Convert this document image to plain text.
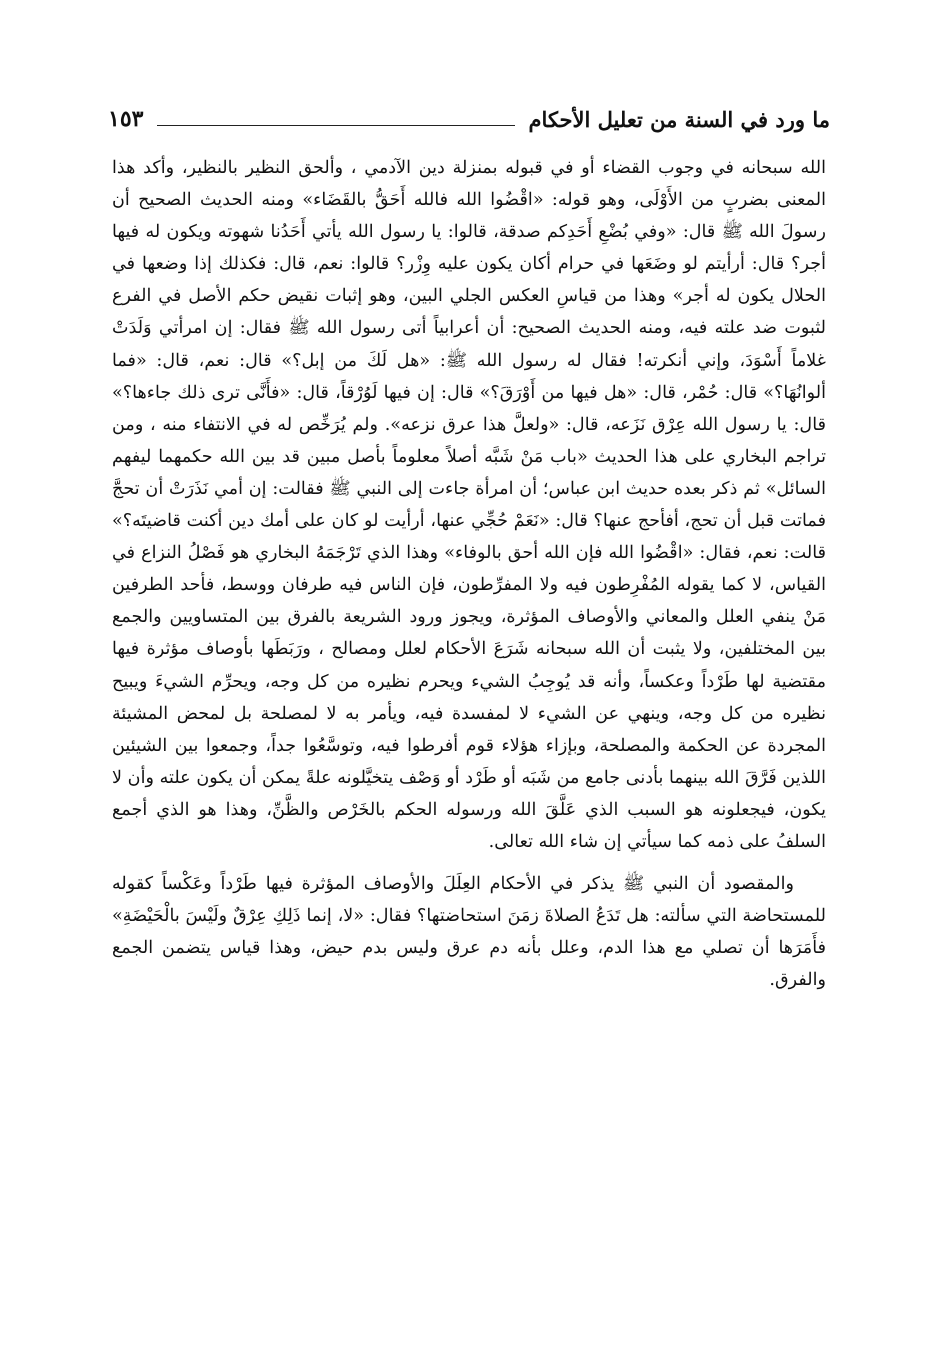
ما ورد في السنة من تعليل الأحكام
١٥٣

الله سبحانه في وجوب القضاء أو في قبوله بمنزلة دين الآدمي ، وألحق النظير بالنظير، وأكد هذا المعنى بضربٍ من الأَوْلَى، وهو قوله: «اقْضُوا الله فالله أَحَقُّ بالقَضَاء» ومنه الحديث الصحيح أن رسولَ الله ﷺ قال: «وفي بُضْعِ أَحَدِكم صدقة، قالوا: يا رسول الله يأتي أَحَدُنا شهوته ويكون له فيها أجر؟ قال: أرأيتم لو وضَعَها في حرام أكان يكون عليه وِزْر؟ قالوا: نعم، قال: فكذلك إذا وضعها في الحلال يكون له أجر» وهذا من قياسِ العكس الجلي البين، وهو إثبات نقيض حكم الأصل في الفرع لثبوت ضد علته فيه، ومنه الحديث الصحيح: أن أعرابياً أتى رسول الله ﷺ فقال: إن امرأتي وَلَدَتْ غلاماً أَسْوَدَ، وإني أنكرته! فقال له رسول الله ﷺ: «هل لَكَ من إبل؟» قال: نعم، قال: «فما ألوانُهَا؟» قال: حُمْر، قال: «هل فيها من أَوْرَقَ؟» قال: إن فيها لَوُرْقاً، قال: «فأَنَّى ترى ذلك جاءها؟» قال: يا رسول الله عِرْق نَزَعه، قال: «ولعلَّ هذا عرق نزعه». ولم يُرَخِّص له في الانتفاء منه ، ومن تراجم البخاري على هذا الحديث «باب مَنْ شَبَّه أصلاً معلوماً بأصل مبين قد بين الله حكمهما ليفهم السائل» ثم ذكر بعده حديث ابن عباس؛ أن امرأة جاءت إلى النبي ﷺ فقالت: إن أمي نَذَرَتْ أن تحجَّ فماتت قبل أن تحج، أفأحج عنها؟ قال: «نَعَمْ حُجِّي عنها، أرأيت لو كان على أمك دين أكنت قاضيتَه؟» قالت: نعم، فقال: «اقْضُوا الله فإن الله أحق بالوفاء» وهذا الذي تَرْجَمَهُ البخاري هو فَصْلُ النزاع في القياس، لا كما يقوله المُفْرِطون فيه ولا المفرِّطون، فإن الناس فيه طرفان ووسط، فأحد الطرفين مَنْ ينفي العلل والمعاني والأوصاف المؤثرة، ويجوز ورود الشريعة بالفرق بين المتساويين والجمع بين المختلفين، ولا يثبت أن الله سبحانه شَرَعَ الأحكام لعلل ومصالح ، ورَبَطَها بأوصاف مؤثرة فيها مقتضية لها طَرْداً وعكساً، وأنه قد يُوجِبُ الشيء ويحرم نظيره من كل وجه، ويحرِّم الشيءَ ويبيح نظيره من كل وجه، وينهي عن الشيء لا لمفسدة فيه، ويأمر به لا لمصلحة بل لمحض المشيئة المجردة عن الحكمة والمصلحة، وبإزاء هؤلاء قوم أفرطوا فيه، وتوسَّعُوا جداً، وجمعوا بين الشيئين اللذين فَرَّقَ الله بينهما بأدنى جامع من شَبَه أو طَرْد أو وَصْف يتخيَّلونه علةً يمكن أن يكون علته وأن لا يكون، فيجعلونه هو السبب الذي عَلَّقَ الله ورسوله الحكم بالخَرْص والظَّنِّ، وهذا هو الذي أجمع السلفُ على ذمه كما سيأتي إن شاء الله تعالى.

والمقصود أن النبي ﷺ يذكر في الأحكام العِلَلَ والأوصاف المؤثرة فيها طَرْداً وعَكْساً كقوله للمستحاضة التي سألته: هل تَدَعُ الصلاةَ زمَنَ استحاضتها؟ فقال: «لا، إنما ذَلِكِ عِرْقٌ ولَيْسَ بالْحَيْضَةِ» فأَمَرَها أن تصلي مع هذا الدم، وعلل بأنه دم عرق وليس بدم حيض، وهذا قياس يتضمن الجمع والفرق.
